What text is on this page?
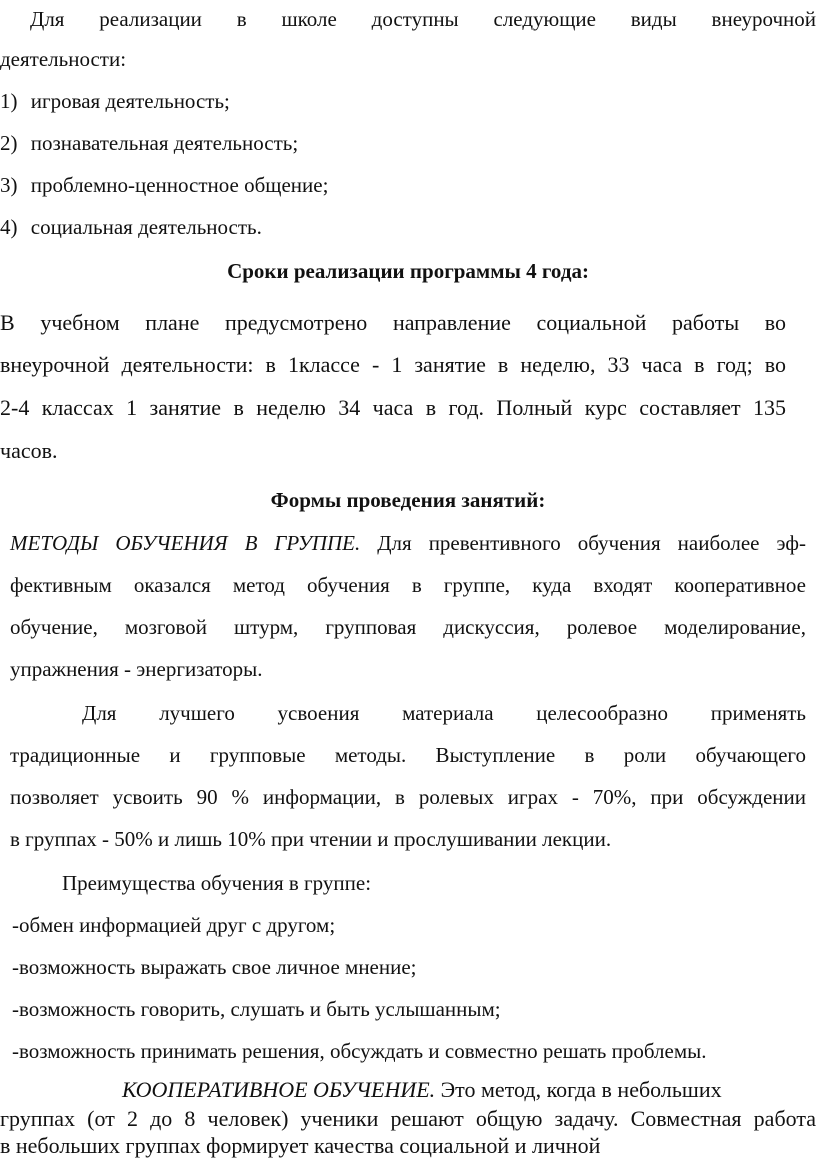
Для реализации в школе доступны следующие виды внеурочной

деятельности:

1) игровая деятельность;
2) познавательная деятельность;
3) проблемно-ценностное общение;
4) социальная деятельность.

Сроки реализации программы 4 года:

В учебном плане предусмотрено направление социальной работы во

внеурочной деятельности: в 1классе - 1 занятие в неделю, 33 часа в год; во

2-4 классах 1 занятие в неделю 34 часа в год. Полный курс составляет 135

часов.

Формы проведения занятий:

МЕТОДЫ ОБУЧЕНИЯ В ГРУППЕ. Для превентивного обучения наиболее эф-

фективным оказался метод обучения в группе, куда входят кооперативное

обучение, мозговой штурм, групповая дискуссия, ролевое моделирование,

упражнения - энергизаторы.

Для лучшего усвоения материала целесообразно применять

традиционные и групповые методы. Выступление в роли обучающего

позволяет усвоить 90 % информации, в ролевых играх - 70%, при обсуждении

в группах - 50% и лишь 10% при чтении и прослушивании лекции.

Преимущества обучения в группе:

-обмен информацией друг с другом;

-возможность выражать свое личное мнение;

-возможность говорить, слушать и быть услышанным;

-возможность принимать решения, обсуждать и совместно решать проблемы.

КООПЕРАТИВНОЕ ОБУЧЕНИЕ. Это метод, когда в небольших

группах (от 2 до 8 человек) ученики решают общую задачу. Совместная работа

в небольших группах формирует качества социальной и личной
